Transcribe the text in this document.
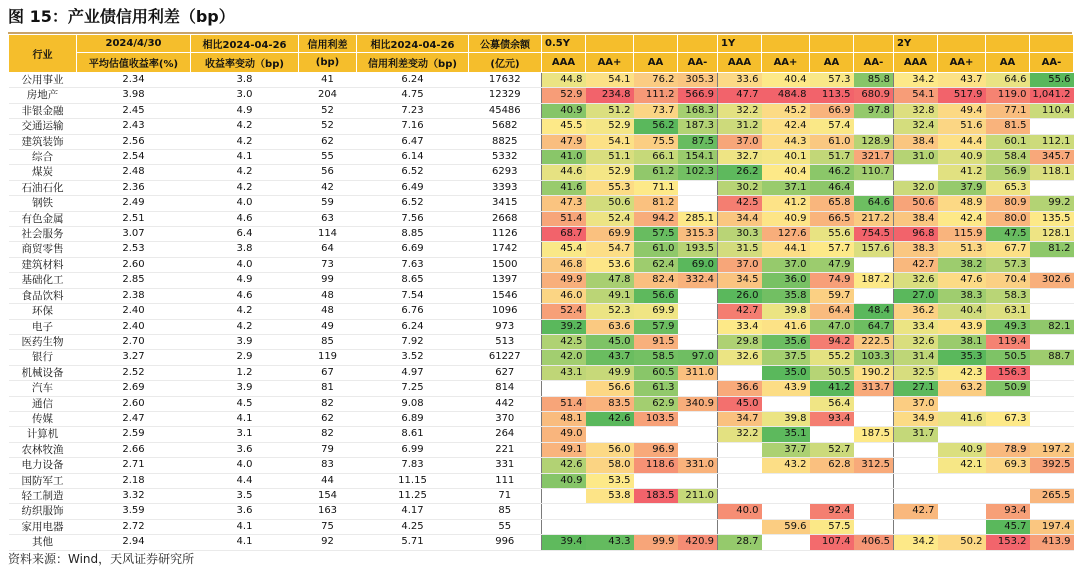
图 15：产业债信用利差（bp）
行业	2024/4/30	相比2024-04-26	信用利差	相比2024-04-26	公募债余额	0.5Y				1Y				2Y			
	平均估值收益率(%)	收益率变动（bp)	(bp)	信用利差变动（bp)	(亿元)	AAA	AA+	AA	AA-	AAA	AA+	AA	AA-	AAA	AA+	AA	AA-
公用事业	2.34	3.8	41	6.24	17632	44.8	54.1	76.2	305.3	33.6	40.4	57.3	85.8	34.2	43.7	64.6	55.6
房地产	3.98	3.0	204	4.75	12329	52.9	234.8	111.2	566.9	47.7	484.8	113.5	680.9	54.1	517.9	119.0	1,041.2
非银金融	2.45	4.9	52	7.23	45486	40.9	51.2	73.7	168.3	32.2	45.2	66.9	97.8	32.8	49.4	77.1	110.4
交通运输	2.43	4.2	52	7.16	5682	45.5	52.9	56.2	187.3	31.2	42.4	57.4		32.4	51.6	81.5	
建筑装饰	2.56	4.2	62	6.47	8825	47.9	54.1	75.5	87.5	37.0	44.3	61.0	128.9	38.4	44.4	60.1	112.1
综合	2.54	4.1	55	6.14	5332	41.0	51.1	66.1	154.1	32.7	40.1	51.7	321.7	31.0	40.9	58.4	345.7
煤炭	2.48	4.2	56	6.52	6293	44.6	52.9	61.2	102.3	26.2	40.4	46.2	110.7		41.2	56.9	118.1
石油石化	2.36	4.2	42	6.49	3393	41.6	55.3	71.1		30.2	37.1	46.4		32.0	37.9	65.3	
钢铁	2.49	4.0	59	6.52	3415	47.3	50.6	81.2		42.5	41.2	65.8	64.6	50.6	48.9	80.9	99.2
有色金属	2.51	4.6	63	7.56	2668	51.4	52.4	94.2	285.1	34.4	40.9	66.5	217.2	38.4	42.4	80.0	135.5
社会服务	3.07	6.4	114	8.85	1126	68.7	69.9	57.5	315.3	30.3	127.6	55.6	754.5	96.8	115.9	47.5	128.1
商贸零售	2.53	3.8	64	6.69	1742	45.4	54.7	61.0	193.5	31.5	44.1	57.7	157.6	38.3	51.3	67.7	81.2
建筑材料	2.60	4.0	73	7.63	1500	46.8	53.6	62.4	69.0	37.0	37.0	47.9		42.7	38.2	57.3	
基础化工	2.85	4.9	99	8.65	1397	49.9	47.8	82.4	332.4	34.5	36.0	74.9	187.2	32.6	47.6	70.4	302.6
食品饮料	2.38	4.6	48	7.54	1546	46.0	49.1	56.6		26.0	35.8	59.7		27.0	38.3	58.3	
环保	2.40	4.2	48	6.76	1096	52.4	52.3	69.9		42.7	39.8	64.4	48.4	36.2	40.4	63.1	
电子	2.40	4.2	49	6.24	973	39.2	63.6	57.9		33.4	41.6	47.0	64.7	33.4	43.9	49.3	82.1
医药生物	2.70	3.9	85	7.92	513	42.5	45.0	91.5		29.8	35.6	94.2	222.5	32.6	38.1	119.4	
银行	3.27	2.9	119	3.52	61227	42.0	43.7	58.5	97.0	32.6	37.5	55.2	103.3	31.4	35.3	50.5	88.7
机械设备	2.52	1.2	67	4.97	627	43.1	49.9	60.5	311.0		35.0	50.5	190.2	32.5	42.3	156.3	
汽车	2.69	3.9	81	7.25	814		56.6	61.3		36.6	43.9	41.2	313.7	27.1	63.2	50.9	
通信	2.60	4.5	82	9.08	442	51.4	83.5	62.9	340.9	45.0		56.4		37.0			
传媒	2.47	4.1	62	6.89	370	48.1	42.6	103.5		34.7	39.8	93.4		34.9	41.6	67.3	
计算机	2.59	3.1	82	8.61	264	49.0				32.2	35.1		187.5	31.7			
农林牧渔	2.66	3.6	79	6.99	221	49.1	56.0	96.9			37.7	52.7			40.9	78.9	197.2
电力设备	2.71	4.0	83	7.83	331	42.6	58.0	118.6	331.0		43.2	62.8	312.5		42.1	69.3	392.5
国防军工	2.18	4.4	44	11.15	111	40.9	53.5										
轻工制造	3.32	3.5	154	11.25	71		53.8	183.5	211.0								265.5
纺织服饰	3.59	3.6	163	4.17	85					40.0		92.4		42.7		93.4	
家用电器	2.72	4.1	75	4.25	55						59.6	57.5				45.7	197.4
其他	2.94	4.1	92	5.71	996	39.4	43.3	99.9	420.9	28.7		107.4	406.5	34.2	50.2	153.2	413.9
资料来源：Wind，天风证券研究所
